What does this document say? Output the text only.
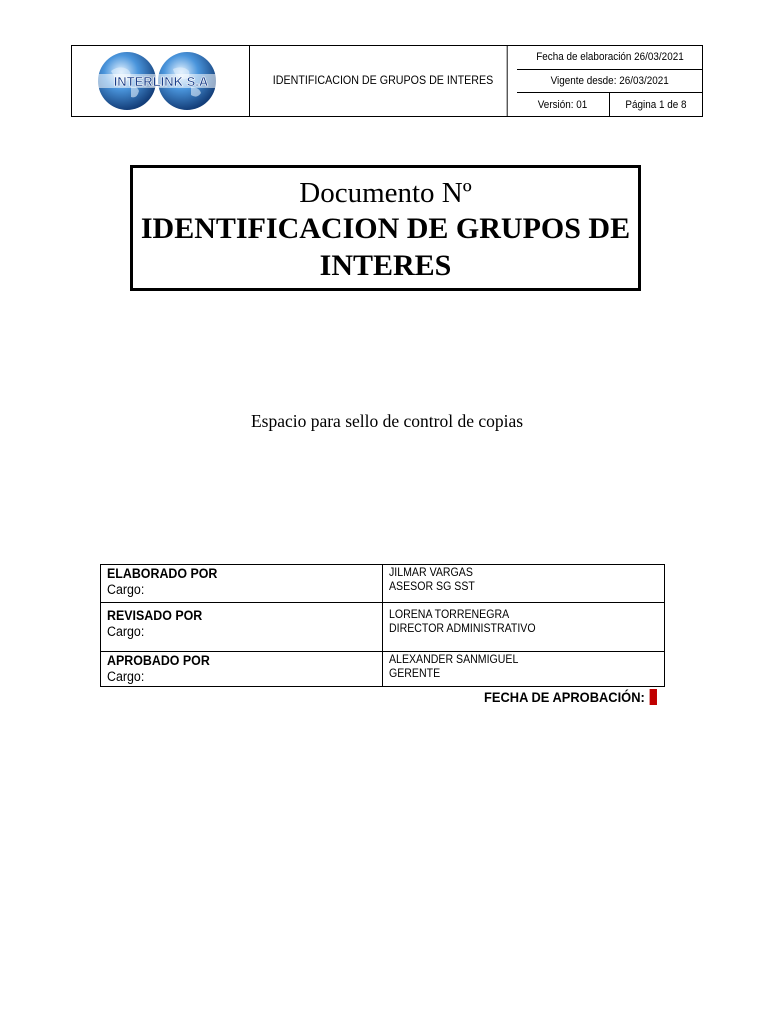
INTERLINK S.A	IDENTIFICACION DE GRUPOS DE INTERES
Fecha de elaboración 26/03/2021
Vigente desde: 26/03/2021
Versión: 01	Página 1 de 8
Documento Nº
IDENTIFICACION DE GRUPOS DE INTERES
Espacio para sello de control de copias
ELABORADO POR
Cargo:	JILMAR VARGAS
ASESOR SG SST

REVISADO POR
Cargo:	LORENA TORRENEGRA
DIRECTOR ADMINISTRATIVO

APROBADO POR
Cargo:	ALEXANDER SANMIGUEL
GERENTE
FECHA DE APROBACIÓN:
